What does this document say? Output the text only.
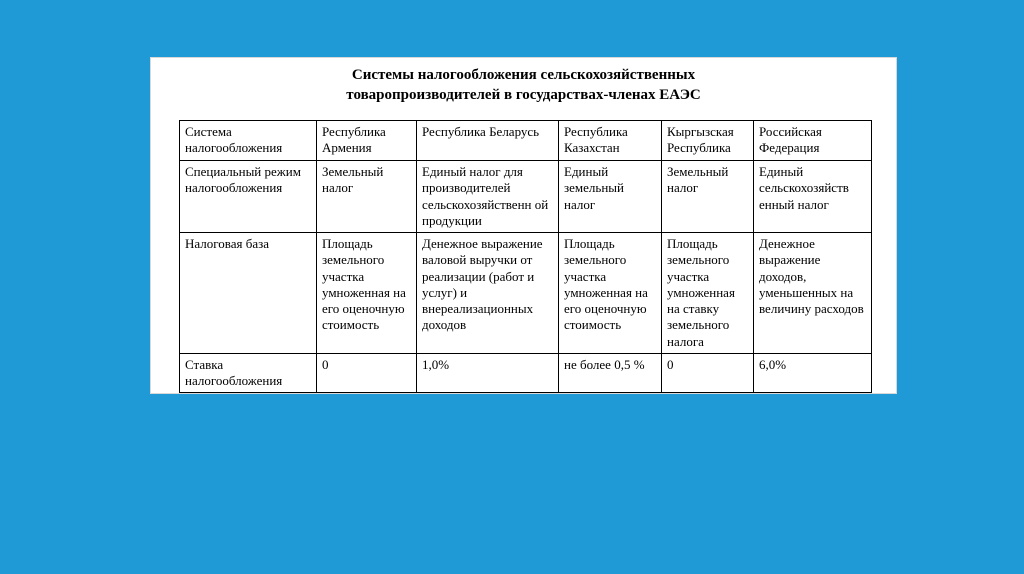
Системы налогообложения сельскохозяйственных
товаропроизводителей в государствах-членах ЕАЭС
Система налогообложения	Республика Армения	Республика Беларусь	Республика Казахстан	Кыргызская Республика	Российская Федерация
Специальный режим налогообложения	Земельный налог	Единый налог для производителей сельскохозяйственн ой продукции	Единый земельный налог	Земельный налог	Единый сельскохозяйств енный налог
Налоговая база	Площадь земельного участка умноженная на его оценочную стоимость	Денежное выражение валовой выручки от реализации (работ и услуг) и внереализационных доходов	Площадь земельного участка умноженная на его оценочную стоимость	Площадь земельного участка умноженная на ставку земельного налога	Денежное выражение доходов, уменьшенных на величину расходов
Ставка налогообложения	0	1,0%	не более 0,5 %	0	6,0%
